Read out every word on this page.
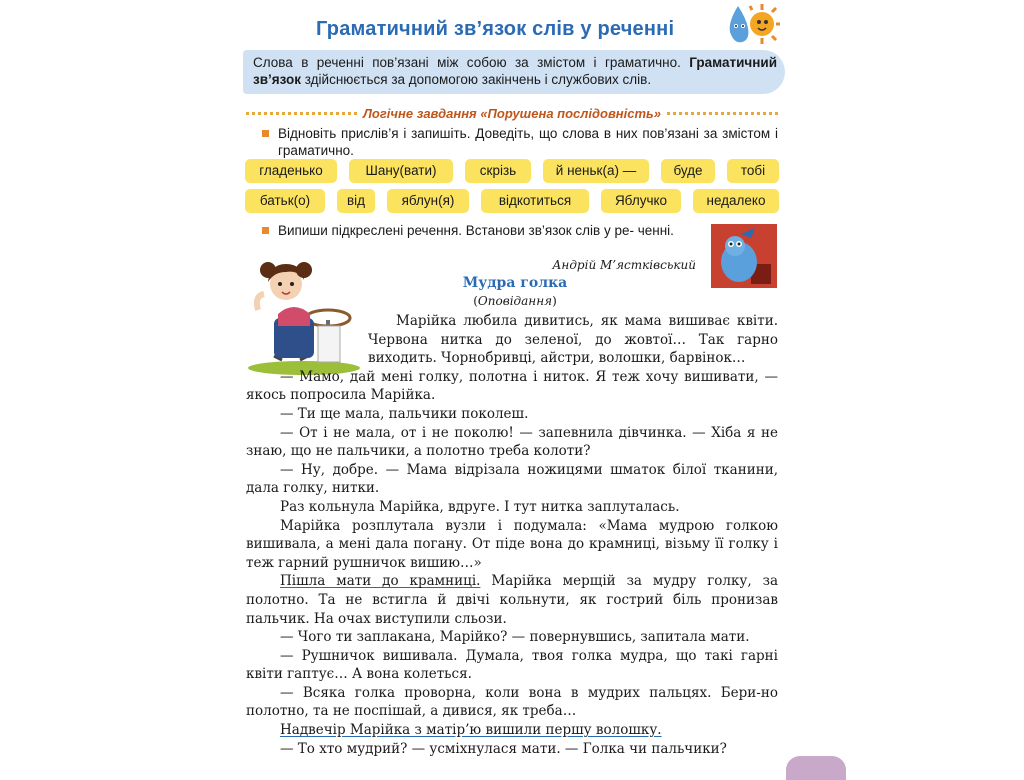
Граматичний зв’язок слів у реченні
Слова в реченні пов’язані між собою за змістом і граматично. Граматичний зв’язок здійснюється за допомогою закінчень і службових слів.
Логічне завдання «Порушена послідовність»
Відновіть прислів’я і запишіть. Доведіть, що слова в них пов’язані за змістом і граматично.
гладенько	Шану(вати)	скрізь	й неньк(а) —	буде	тобі
батьк(о)	від	яблун(я)	відкотиться	Яблучко	недалеко
Випиши підкреслені речення. Встанови зв’язок слів у ре- ченні.
Андрій М’ястківський
Мудра голка
(Оповідання)

Марійка любила дивитись, як мама вишиває квіти. Червона нитка до зеленої, до жовтої… Так гарно виходить. Чорнобривці, айстри, волошки, барвінок…

— Мамо, дай мені голку, полотна і ниток. Я теж хочу вишивати, — якось попросила Марійка.

— Ти ще мала, пальчики поколеш.

— От і не мала, от і не поколю! — запевнила дівчинка. — Хіба я не знаю, що не пальчики, а полотно треба колоти?

— Ну, добре. — Мама відрізала ножицями шматок білої тканини, дала голку, нитки.

Раз кольнула Марійка, вдруге. І тут нитка заплуталась.

Марійка розплутала вузли і подумала: «Мама мудрою голкою вишивала, а мені дала погану. От піде вона до крамниці, візьму її голку і теж гарний рушничок вишию…»

Пішла мати до крамниці. Марійка мерщій за мудру голку, за полотно. Та не встигла й двічі кольнути, як гострий біль пронизав пальчик. На очах виступили сльози.

— Чого ти заплакана, Марійко? — повернувшись, запитала мати.

— Рушничок вишивала. Думала, твоя голка мудра, що такі гарні квіти гаптує… А вона колеться.

— Всяка голка проворна, коли вона в мудрих пальцях. Бери-но полотно, та не поспішай, а дивися, як треба…

Надвечір Марійка з матір’ю вишили першу волошку.

— То хто мудрий? — усміхнулася мати. — Голка чи пальчики?
